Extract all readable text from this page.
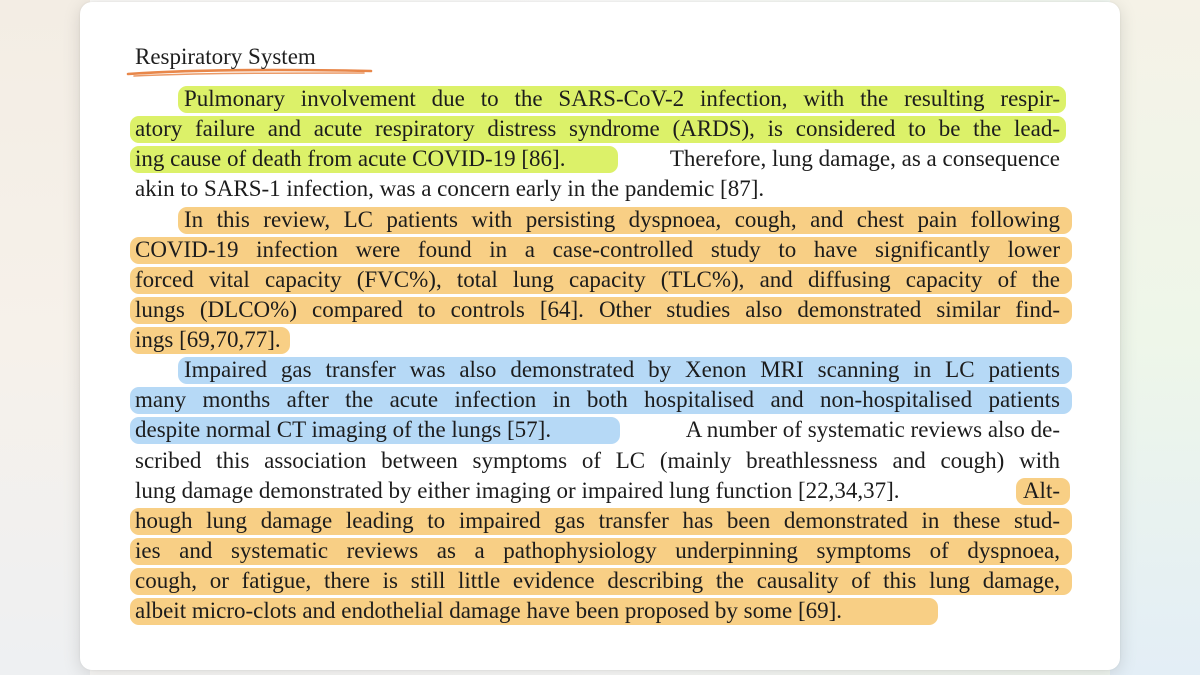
Respiratory System
Pulmonary involvement due to the SARS-CoV-2 infection, with the resulting respir-
atory failure and acute respiratory distress syndrome (ARDS), is considered to be the lead-
ing cause of death from acute COVID-19 [86].	Therefore, lung damage, as a consequence
akin to SARS-1 infection, was a concern early in the pandemic [87].
In this review, LC patients with persisting dyspnoea, cough, and chest pain following
COVID-19 infection were found in a case-controlled study to have significantly lower
forced vital capacity (FVC%), total lung capacity (TLC%), and diffusing capacity of the
lungs (DLCO%) compared to controls [64]. Other studies also demonstrated similar find-
ings [69,70,77].
Impaired gas transfer was also demonstrated by Xenon MRI scanning in LC patients
many months after the acute infection in both hospitalised and non-hospitalised patients
despite normal CT imaging of the lungs [57].	A number of systematic reviews also de-
scribed this association between symptoms of LC (mainly breathlessness and cough) with
lung damage demonstrated by either imaging or impaired lung function [22,34,37].	Alt-
hough lung damage leading to impaired gas transfer has been demonstrated in these stud-
ies and systematic reviews as a pathophysiology underpinning symptoms of dyspnoea,
cough, or fatigue, there is still little evidence describing the causality of this lung damage,
albeit micro-clots and endothelial damage have been proposed by some [69].
